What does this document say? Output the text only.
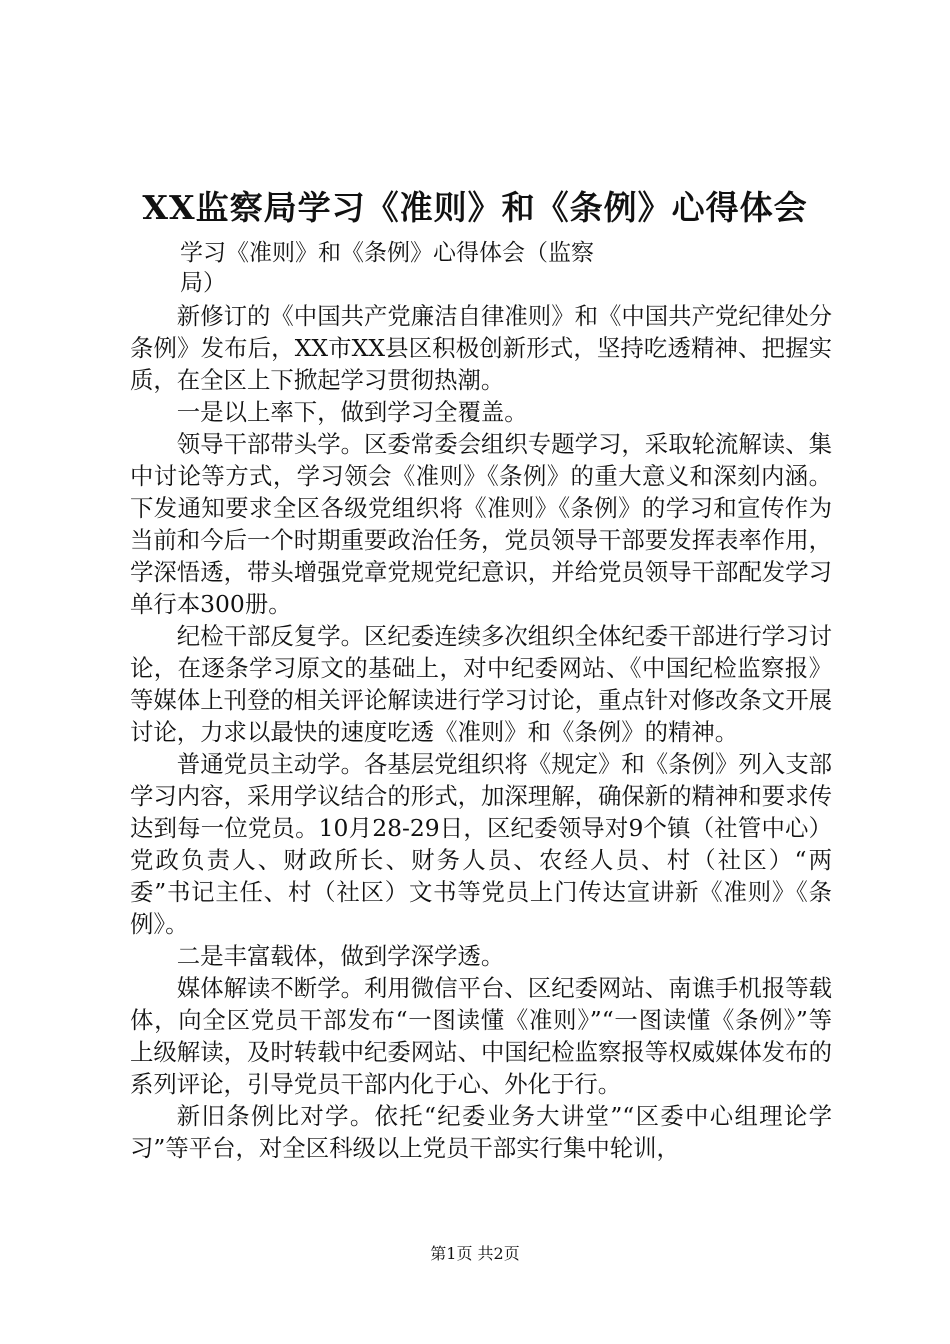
XX监察局学习《准则》和《条例》心得体会

学习《准则》和《条例》心得体会（监察局）

新修订的《中国共产党廉洁自律准则》和《中国共产党纪律处分条例》发布后，XX市XX县区积极创新形式，坚持吃透精神、把握实质，在全区上下掀起学习贯彻热潮。

一是以上率下，做到学习全覆盖。

领导干部带头学。区委常委会组织专题学习，采取轮流解读、集中讨论等方式，学习领会《准则》《条例》的重大意义和深刻内涵。下发通知要求全区各级党组织将《准则》《条例》的学习和宣传作为当前和今后一个时期重要政治任务，党员领导干部要发挥表率作用，学深悟透，带头增强党章党规党纪意识，并给党员领导干部配发学习单行本300册。

纪检干部反复学。区纪委连续多次组织全体纪委干部进行学习讨论，在逐条学习原文的基础上，对中纪委网站、《中国纪检监察报》等媒体上刊登的相关评论解读进行学习讨论，重点针对修改条文开展讨论，力求以最快的速度吃透《准则》和《条例》的精神。

普通党员主动学。各基层党组织将《规定》和《条例》列入支部学习内容，采用学议结合的形式，加深理解，确保新的精神和要求传达到每一位党员。10月28-29日，区纪委领导对9个镇（社管中心）党政负责人、财政所长、财务人员、农经人员、村（社区）“两委”书记主任、村（社区）文书等党员上门传达宣讲新《准则》《条例》。

二是丰富载体，做到学深学透。

媒体解读不断学。利用微信平台、区纪委网站、南谯手机报等载体，向全区党员干部发布“一图读懂《准则》”“一图读懂《条例》”等上级解读，及时转载中纪委网站、中国纪检监察报等权威媒体发布的系列评论，引导党员干部内化于心、外化于行。

新旧条例比对学。依托“纪委业务大讲堂”“区委中心组理论学习”等平台，对全区科级以上党员干部实行集中轮训，

第1页 共2页
